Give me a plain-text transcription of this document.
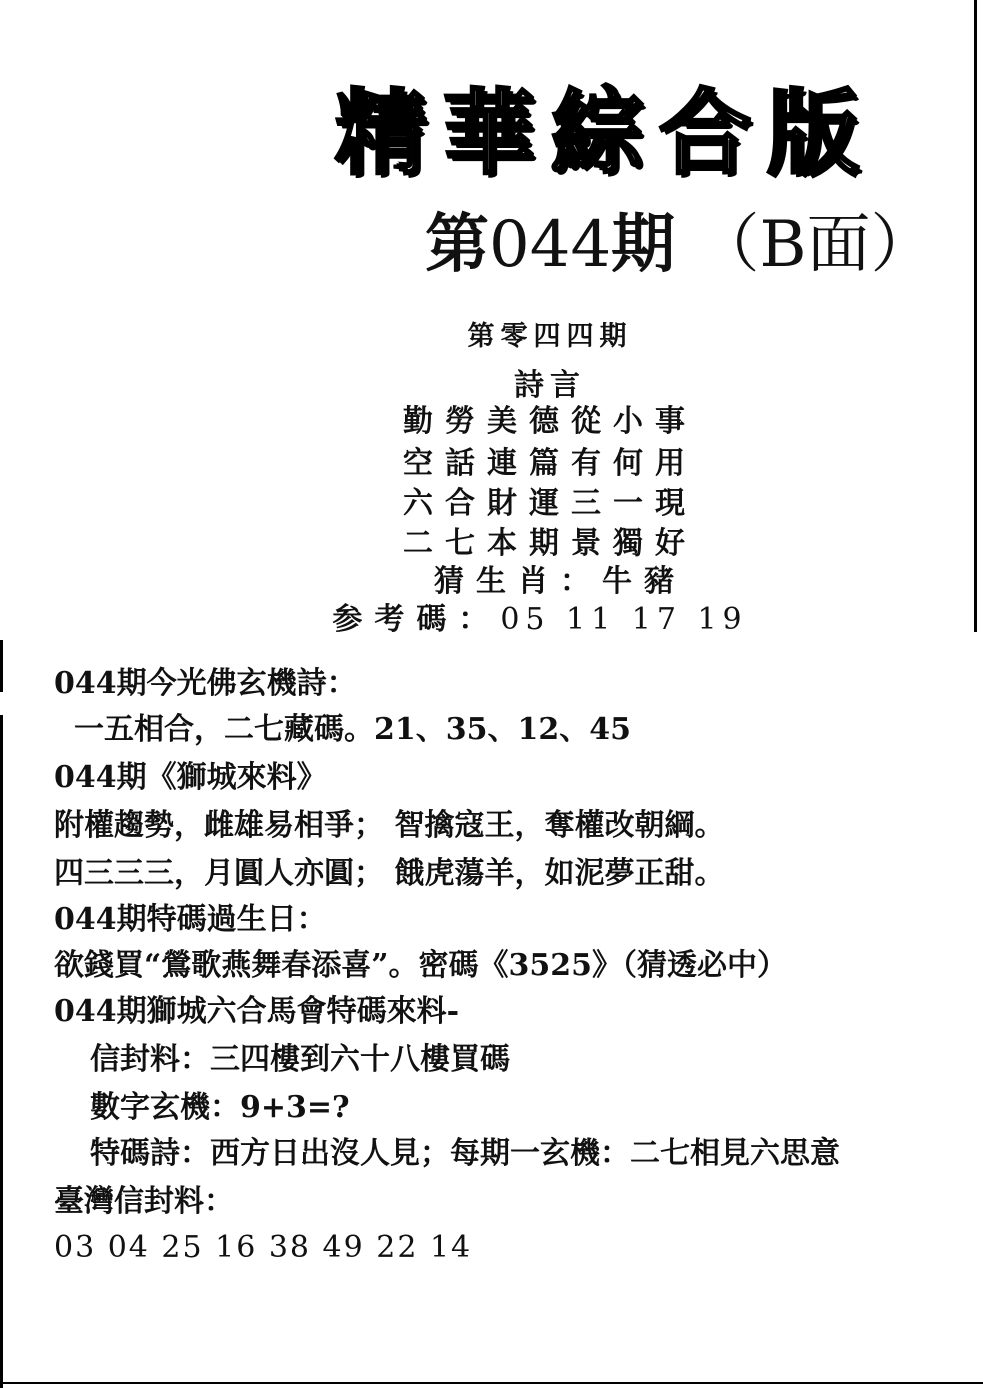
精華綜合版
第044期 （B面）
第零四四期
詩言
勤勞美德從小事
空話連篇有何用
六合財運三一現
二七本期景獨好
猜生肖：牛豬
参考碼：05 11 17 19
044期今光佛玄機詩：
一五相合，二七藏碼。21、35、12、45
044期《獅城來料》
附權趨勢，雌雄易相爭； 智擒寇王，奪權改朝綱。
四三三三，月圓人亦圓； 餓虎蕩羊，如泥夢正甜。
044期特碼過生日：
欲錢買“鶯歌燕舞春添喜”。密碼《3525》（猜透必中）
044期獅城六合馬會特碼來料-
信封料：三四樓到六十八樓買碼
數字玄機：9+3=?
特碼詩：西方日出沒人見；每期一玄機：二七相見六思意
臺灣信封料：
03 04 25 16 38 49 22 14
